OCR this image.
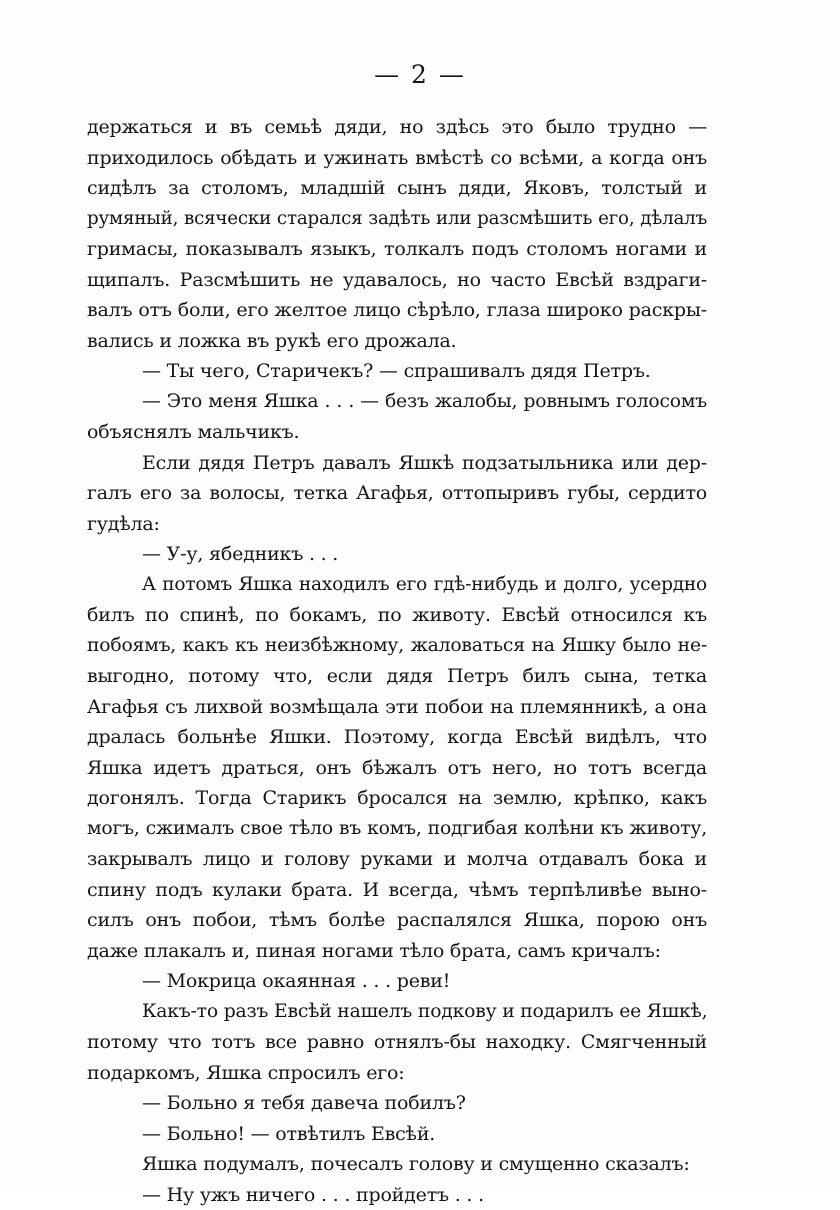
— 2 —
держаться и въ семьѣ дяди, но здѣсь это было трудно —
приходилось обѣдать и ужинать вмѣстѣ со всѣми, а когда онъ
сидѣлъ за столомъ, младшій сынъ дяди, Яковъ, толстый и
румяный, всячески старался задѣть или разсмѣшить его, дѣлалъ
гримасы, показывалъ языкъ, толкалъ подъ столомъ ногами и
щипалъ. Разсмѣшить не удавалось, но часто Евсѣй вздраги-
валъ отъ боли, его желтое лицо сѣрѣло, глаза широко раскры-
вались и ложка въ рукѣ его дрожала.
— Ты чего, Старичекъ? — спрашивалъ дядя Петръ.
— Это меня Яшка . . . — безъ жалобы, ровнымъ голосомъ
объяснялъ мальчикъ.
Если дядя Петръ давалъ Яшкѣ подзатыльника или дер-
галъ его за волосы, тетка Агафья, оттопыривъ губы, сердито
гудѣла:
— У-у, ябедникъ . . .
А потомъ Яшка находилъ его гдѣ-нибудь и долго, усердно
билъ по спинѣ, по бокамъ, по животу. Евсѣй относился къ
побоямъ, какъ къ неизбѣжному, жаловаться на Яшку было не-
выгодно, потому что, если дядя Петръ билъ сына, тетка
Агафья съ лихвой возмѣщала эти побои на племянникѣ, а она
дралась больнѣе Яшки. Поэтому, когда Евсѣй видѣлъ, что
Яшка идетъ драться, онъ бѣжалъ отъ него, но тотъ всегда
догонялъ. Тогда Старикъ бросался на землю, крѣпко, какъ
могъ, сжималъ свое тѣло въ комъ, подгибая колѣни къ животу,
закрывалъ лицо и голову руками и молча отдавалъ бока и
спину подъ кулаки брата. И всегда, чѣмъ терпѣливѣе выно-
силъ онъ побои, тѣмъ болѣе распалялся Яшка, порою онъ
даже плакалъ и, пиная ногами тѣло брата, самъ кричалъ:
— Мокрица окаянная . . . реви!
Какъ-то разъ Евсѣй нашелъ подкову и подарилъ ее Яшкѣ,
потому что тотъ все равно отнялъ-бы находку. Смягченный
подаркомъ, Яшка спросилъ его:
— Больно я тебя давеча побилъ?
— Больно! — отвѣтилъ Евсѣй.
Яшка подумалъ, почесалъ голову и смущенно сказалъ:
— Ну ужъ ничего . . . пройдетъ . . .
